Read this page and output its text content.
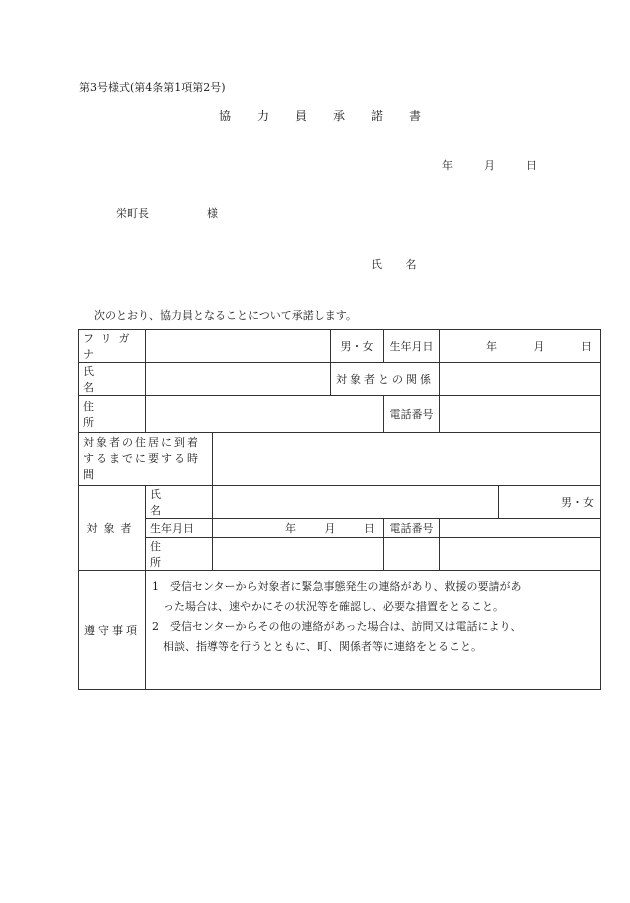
第3号様式(第4条第1項第2号)
協力員承諾書
年	月	日
栄町長	様
氏 名
次のとおり、協力員となることについて承諾します。
フリガナ			男・女	生年月日	年 月 日	

氏 名			対象者との関係			
住 所				電話番号		
対象者の住居に到着するまでに要する時間						
対象者	氏 名					男・女
	生年月日	年 月 日		電話番号		
	住 所					
遵守事項	1　受信センターから対象者に緊急事態発生の連絡があり、救援の要請があ
　った場合は、速やかにその状況等を確認し、必要な措置をとること。
2　受信センターからその他の連絡があった場合は、訪問又は電話により、
　相談、指導等を行うとともに、町、関係者等に連絡をとること。					
